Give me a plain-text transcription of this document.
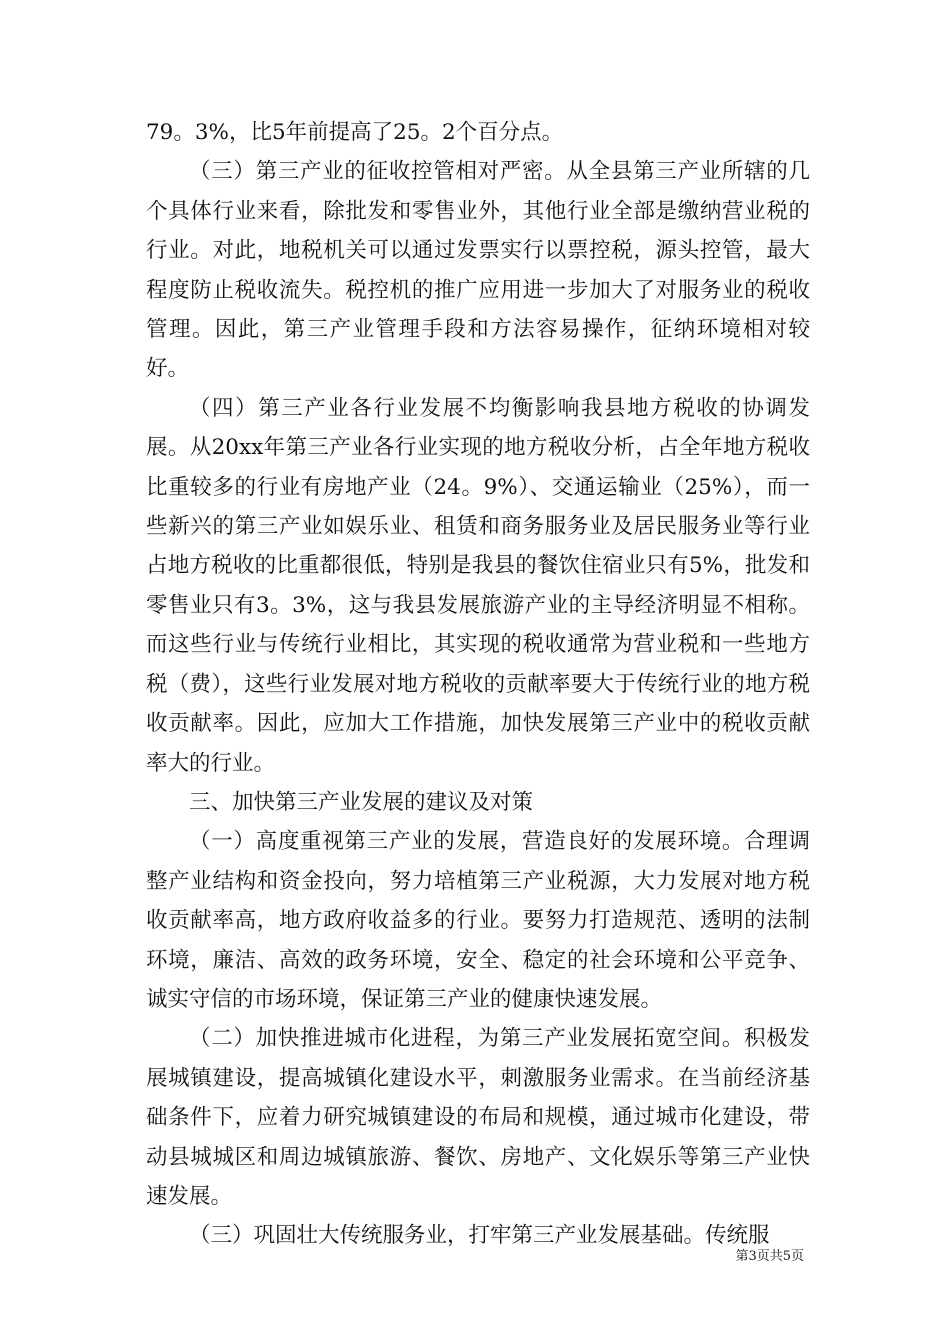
79。3%，比5年前提高了25。2个百分点。

（三）第三产业的征收控管相对严密。从全县第三产业所辖的几个具体行业来看，除批发和零售业外，其他行业全部是缴纳营业税的行业。对此，地税机关可以通过发票实行以票控税，源头控管，最大程度防止税收流失。税控机的推广应用进一步加大了对服务业的税收管理。因此，第三产业管理手段和方法容易操作，征纳环境相对较好。

（四）第三产业各行业发展不均衡影响我县地方税收的协调发展。从20xx年第三产业各行业实现的地方税收分析，占全年地方税收比重较多的行业有房地产业（24。9%）、交通运输业（25%），而一些新兴的第三产业如娱乐业、租赁和商务服务业及居民服务业等行业占地方税收的比重都很低，特别是我县的餐饮住宿业只有5%，批发和零售业只有3。3%，这与我县发展旅游产业的主导经济明显不相称。而这些行业与传统行业相比，其实现的税收通常为营业税和一些地方税（费），这些行业发展对地方税收的贡献率要大于传统行业的地方税收贡献率。因此，应加大工作措施，加快发展第三产业中的税收贡献率大的行业。

三、加快第三产业发展的建议及对策

（一）高度重视第三产业的发展，营造良好的发展环境。合理调整产业结构和资金投向，努力培植第三产业税源，大力发展对地方税收贡献率高，地方政府收益多的行业。要努力打造规范、透明的法制环境，廉洁、高效的政务环境，安全、稳定的社会环境和公平竞争、诚实守信的市场环境，保证第三产业的健康快速发展。

（二）加快推进城市化进程，为第三产业发展拓宽空间。积极发展城镇建设，提高城镇化建设水平，刺激服务业需求。在当前经济基础条件下，应着力研究城镇建设的布局和规模，通过城市化建设，带动县城城区和周边城镇旅游、餐饮、房地产、文化娱乐等第三产业快速发展。

（三）巩固壮大传统服务业，打牢第三产业发展基础。传统服

第3页共5页
